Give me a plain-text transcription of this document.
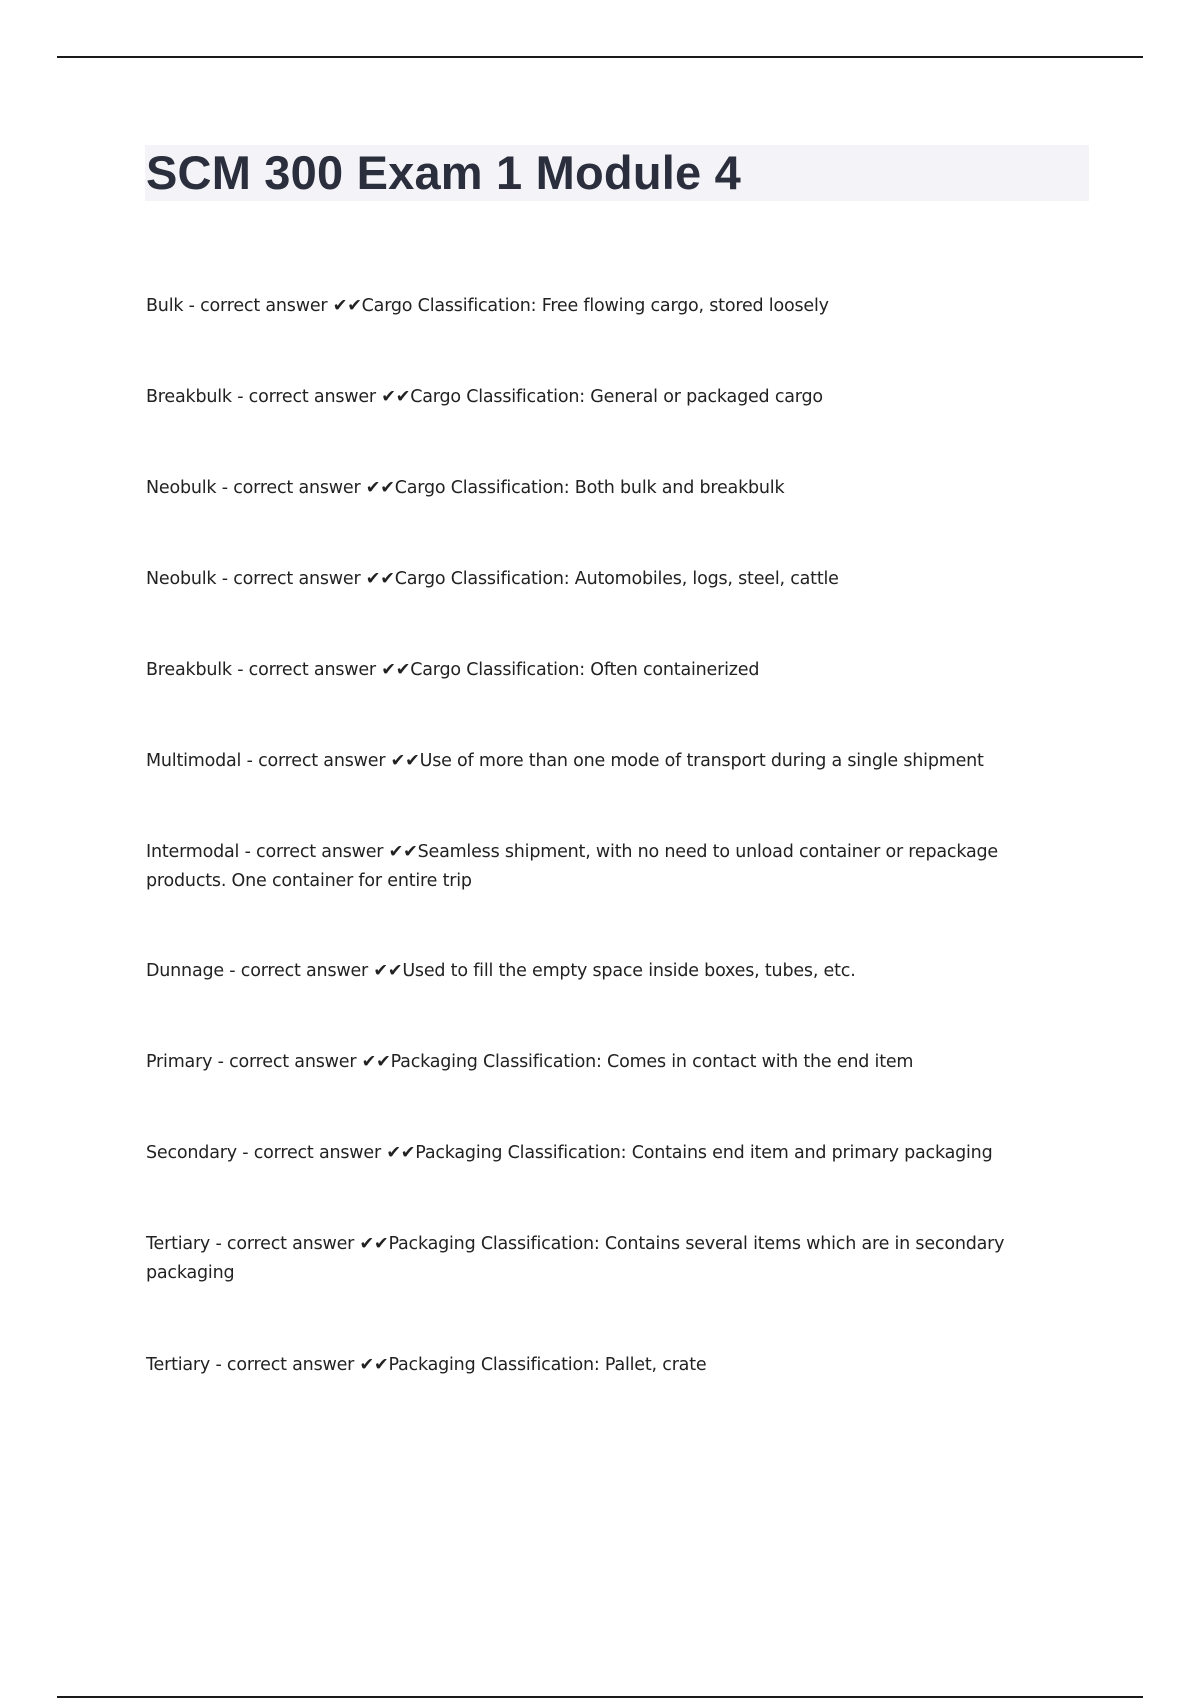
SCM 300 Exam 1 Module 4
Bulk - correct answer ✔✔Cargo Classification: Free flowing cargo, stored loosely
Breakbulk - correct answer ✔✔Cargo Classification: General or packaged cargo
Neobulk - correct answer ✔✔Cargo Classification: Both bulk and breakbulk
Neobulk - correct answer ✔✔Cargo Classification: Automobiles, logs, steel, cattle
Breakbulk - correct answer ✔✔Cargo Classification: Often containerized
Multimodal - correct answer ✔✔Use of more than one mode of transport during a single shipment
Intermodal - correct answer ✔✔Seamless shipment, with no need to unload container or repackage products. One container for entire trip
Dunnage - correct answer ✔✔Used to fill the empty space inside boxes, tubes, etc.
Primary - correct answer ✔✔Packaging Classification: Comes in contact with the end item
Secondary - correct answer ✔✔Packaging Classification: Contains end item and primary packaging
Tertiary - correct answer ✔✔Packaging Classification: Contains several items which are in secondary packaging
Tertiary - correct answer ✔✔Packaging Classification: Pallet, crate
